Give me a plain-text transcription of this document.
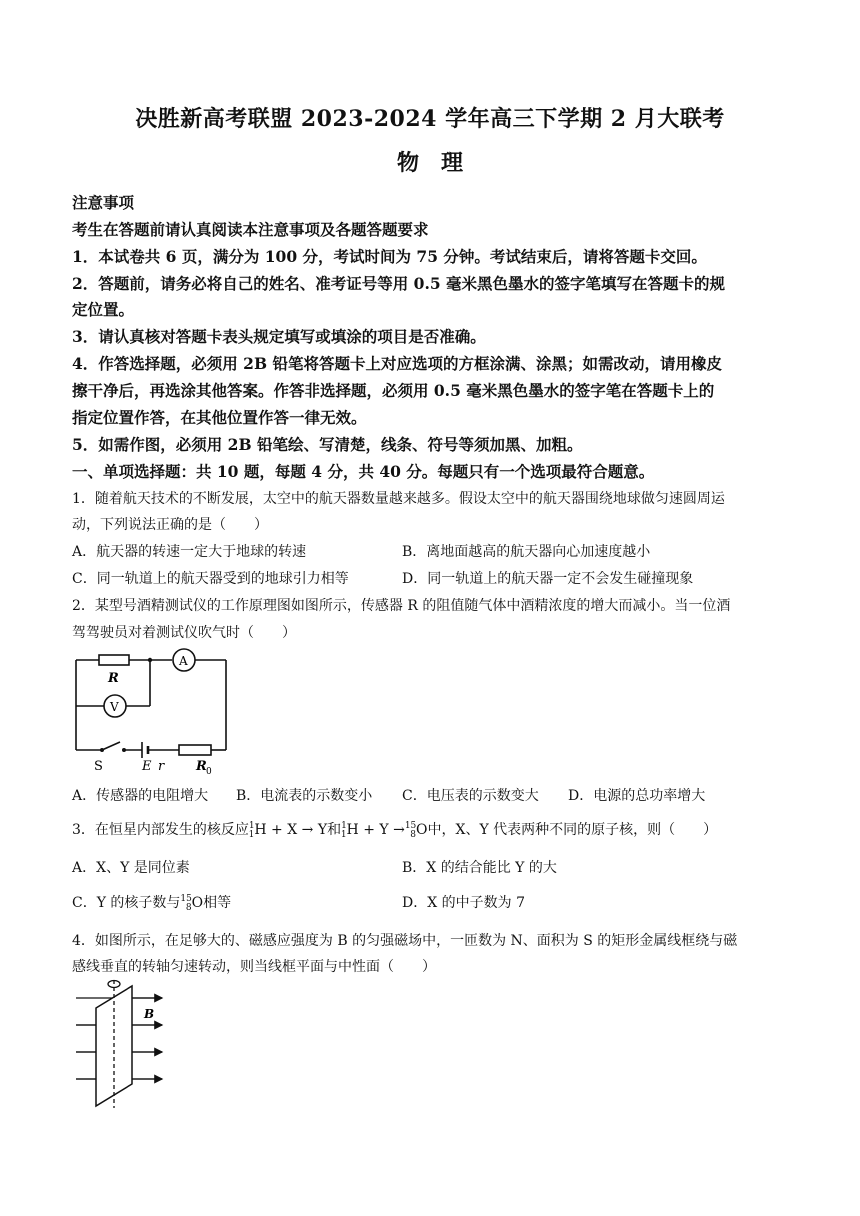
决胜新高考联盟 2023-2024 学年高三下学期 2 月大联考
物　理
注意事项
考生在答题前请认真阅读本注意事项及各题答题要求
1．本试卷共 6 页，满分为 100 分，考试时间为 75 分钟。考试结束后，请将答题卡交回。
2．答题前，请务必将自己的姓名、准考证号等用 0.5 毫米黑色墨水的签字笔填写在答题卡的规
定位置。
3．请认真核对答题卡表头规定填写或填涂的项目是否准确。
4．作答选择题，必须用 2B 铅笔将答题卡上对应选项的方框涂满、涂黑；如需改动，请用橡皮
擦干净后，再选涂其他答案。作答非选择题，必须用 0.5 毫米黑色墨水的签字笔在答题卡上的
指定位置作答，在其他位置作答一律无效。
5．如需作图，必须用 2B 铅笔绘、写清楚，线条、符号等须加黑、加粗。
一、单项选择题：共 10 题，每题 4 分，共 40 分。每题只有一个选项最符合题意。
1．随着航天技术的不断发展，太空中的航天器数量越来越多。假设太空中的航天器围绕地球做匀速圆周运
动，下列说法正确的是（　　）
A．航天器的转速一定大于地球的转速	B．离地面越高的航天器向心加速度越小
C．同一轨道上的航天器受到的地球引力相等	D．同一轨道上的航天器一定不会发生碰撞现象
2．某型号酒精测试仪的工作原理图如图所示，传感器 R 的阻值随气体中酒精浓度的增大而减小。当一位酒
驾驾驶员对着测试仪吹气时（　　）
R
A
V
S	E r R 0
A．传感器的电阻增大 B．电流表的示数变小 C．电压表的示数变大 D．电源的总功率增大
3．在恒星内部发生的核反应$^1_1$H + X → Y和$^1_1$H + Y →$^{15}_8$O中，X、Y 代表两种不同的原子核，则（　　）
A．X、Y 是同位素	B．X 的结合能比 Y 的大
C．Y 的核子数与$^{15}_8$O相等	D．X 的中子数为 7
4．如图所示，在足够大的、磁感应强度为 B 的匀强磁场中，一匝数为 N、面积为 S 的矩形金属线框绕与磁
感线垂直的转轴匀速转动，则当线框平面与中性面（　　）
B
